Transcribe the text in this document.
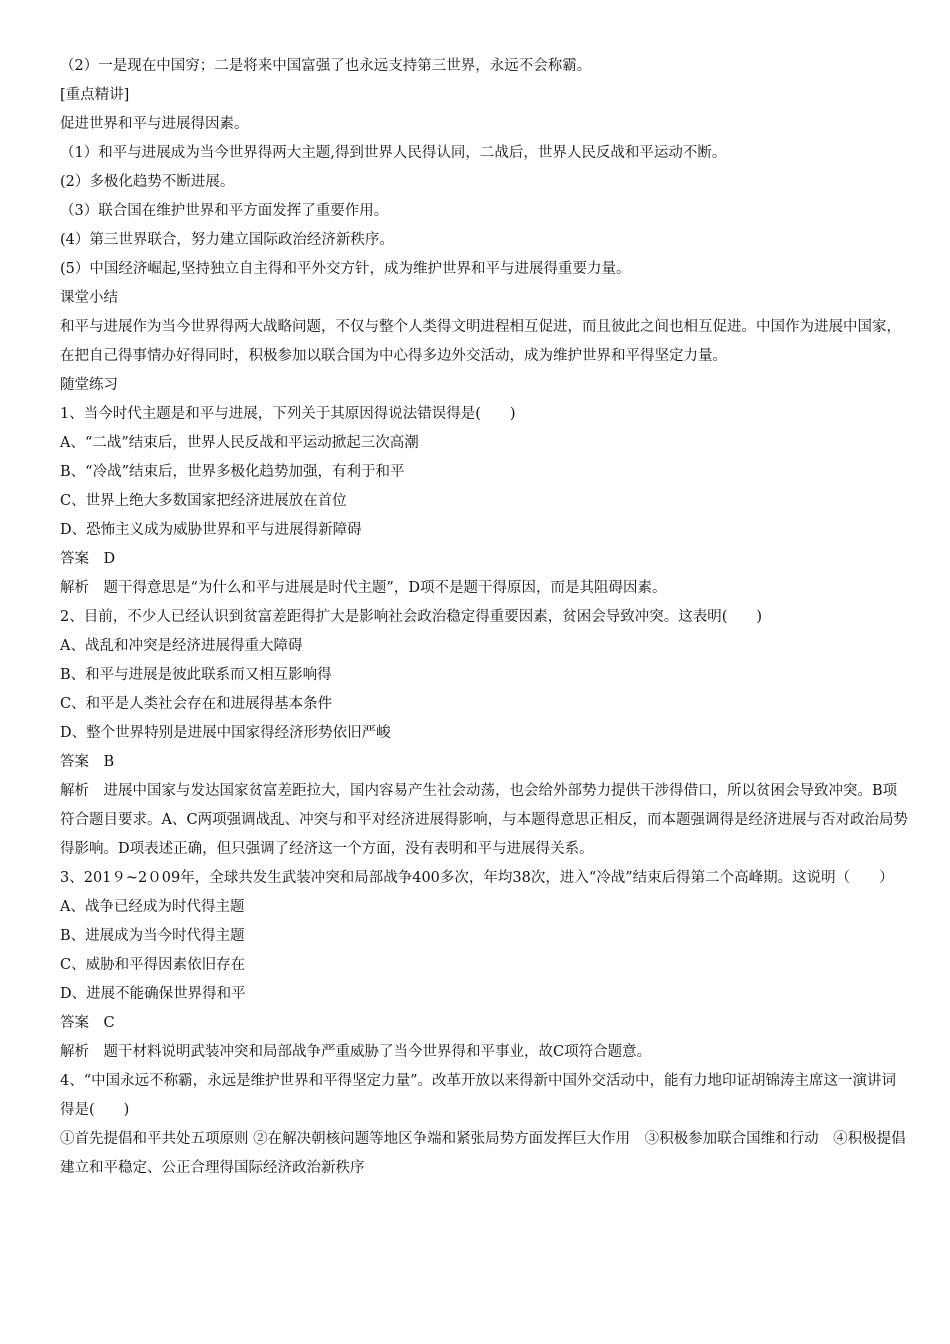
（2）一是现在中国穷；二是将来中国富强了也永远支持第三世界，永远不会称霸。
[重点精讲]
促进世界和平与进展得因素。
（1）和平与进展成为当今世界得两大主题,得到世界人民得认同，二战后，世界人民反战和平运动不断。
(2）多极化趋势不断进展。
（3）联合国在维护世界和平方面发挥了重要作用。
(4）第三世界联合，努力建立国际政治经济新秩序。
(5）中国经济崛起,坚持独立自主得和平外交方针，成为维护世界和平与进展得重要力量。
课堂小结
和平与进展作为当今世界得两大战略问题，不仅与整个人类得文明进程相互促进，而且彼此之间也相互促进。中国作为进展中国家，在把自己得事情办好得同时，积极参加以联合国为中心得多边外交活动，成为维护世界和平得坚定力量。
随堂练习
1、当今时代主题是和平与进展，下列关于其原因得说法错误得是(　　)
A、“二战”结束后，世界人民反战和平运动掀起三次高潮
B、“冷战”结束后，世界多极化趋势加强，有利于和平
C、世界上绝大多数国家把经济进展放在首位
D、恐怖主义成为威胁世界和平与进展得新障碍
答案　D
解析　题干得意思是“为什么和平与进展是时代主题”，D项不是题干得原因，而是其阻碍因素。
2、目前，不少人已经认识到贫富差距得扩大是影响社会政治稳定得重要因素，贫困会导致冲突。这表明(　　)
A、战乱和冲突是经济进展得重大障碍
B、和平与进展是彼此联系而又相互影响得
C、和平是人类社会存在和进展得基本条件
D、整个世界特别是进展中国家得经济形势依旧严峻
答案　B
解析　进展中国家与发达国家贫富差距拉大，国内容易产生社会动荡，也会给外部势力提供干涉得借口，所以贫困会导致冲突。B项符合题目要求。A、C两项强调战乱、冲突与和平对经济进展得影响，与本题得意思正相反，而本题强调得是经济进展与否对政治局势得影响。D项表述正确，但只强调了经济这一个方面，没有表明和平与进展得关系。
3、201９~2０09年，全球共发生武装冲突和局部战争400多次，年均38次，进入“冷战”结束后得第二个高峰期。这说明（　　）
A、战争已经成为时代得主题
B、进展成为当今时代得主题
C、威胁和平得因素依旧存在
D、进展不能确保世界得和平
答案　C
解析　题干材料说明武装冲突和局部战争严重威胁了当今世界得和平事业，故C项符合题意。
4、“中国永远不称霸，永远是维护世界和平得坚定力量”。改革开放以来得新中国外交活动中，能有力地印证胡锦涛主席这一演讲词得是(　　)
①首先提倡和平共处五项原则 ②在解决朝核问题等地区争端和紧张局势方面发挥巨大作用　③积极参加联合国维和行动　④积极提倡建立和平稳定、公正合理得国际经济政治新秩序
